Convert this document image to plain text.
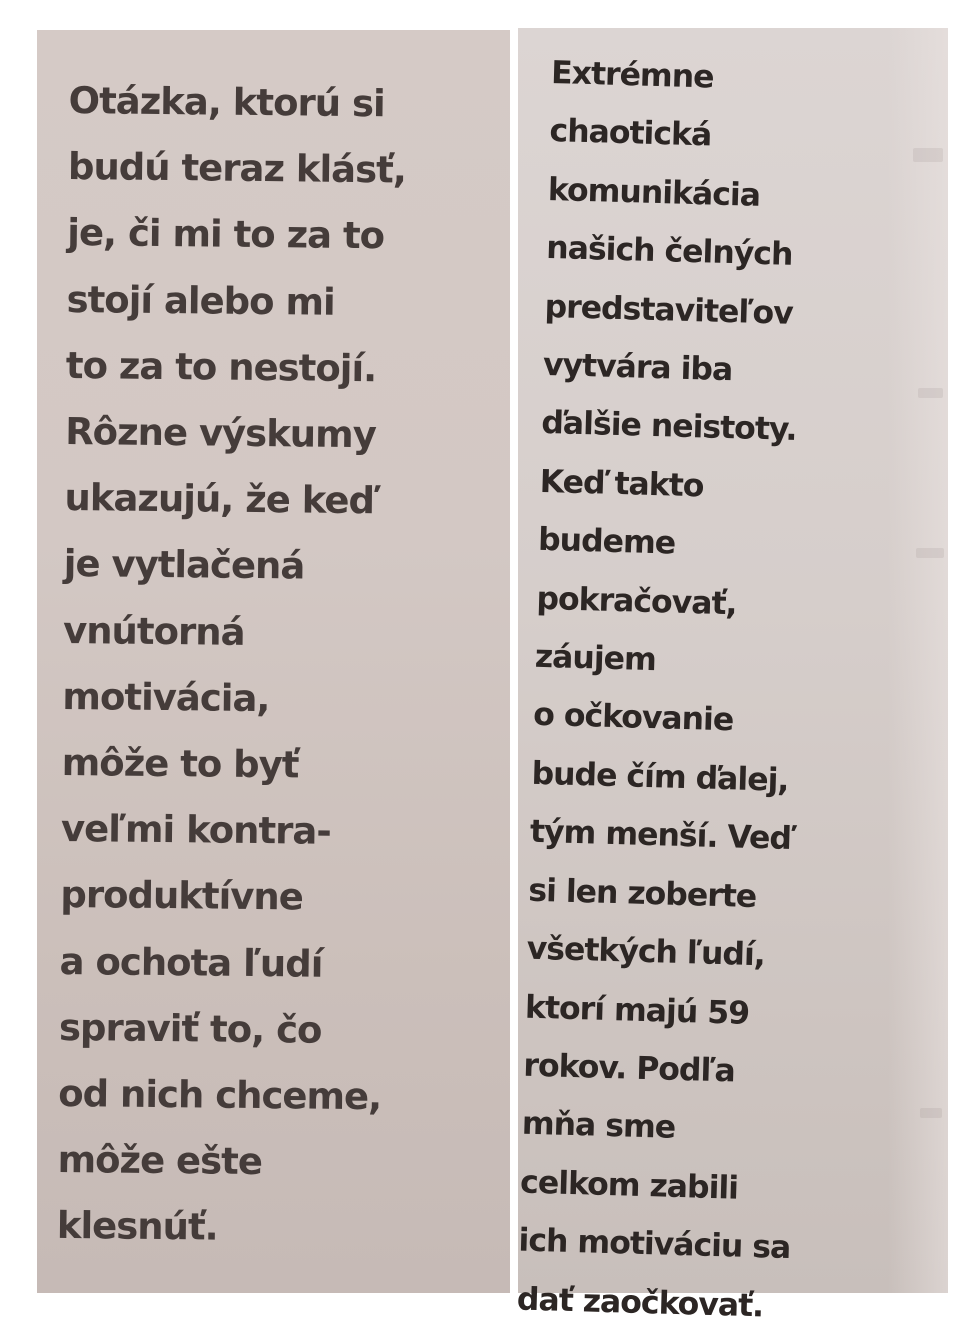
Otázka, ktorú si
budú teraz klásť,
je, či mi to za to
stojí alebo mi
to za to nestojí.
Rôzne výskumy
ukazujú, že keď
je vytlačená
vnútorná
motivácia,
môže to byť
veľmi kontra-
produktívne
a ochota ľudí
spraviť to, čo
od nich chceme,
môže ešte
klesnúť.

Extrémne
chaotická
komunikácia
našich čelných
predstaviteľov
vytvára iba
ďalšie neistoty.
Keď takto
budeme
pokračovať,
záujem
o očkovanie
bude čím ďalej,
tým menší. Veď
si len zoberte
všetkých ľudí,
ktorí majú 59
rokov. Podľa
mňa sme
celkom zabili
ich motiváciu sa
dať zaočkovať.
